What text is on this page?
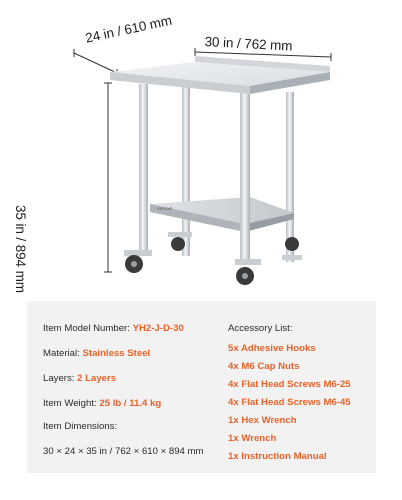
24 in / 610 mm 30 in / 762 mm
35 in / 894 mm	VEVOR
Item Model Number: YH2-J-D-30
Material: Stainless Steel
Layers: 2 Layers
Item Weight: 25 lb / 11.4 kg
Item Dimensions:
30 × 24 × 35 in / 762 × 610 × 894 mm
Accessory List:
5x Adhesive Hooks
4x M6 Cap Nuts
4x Flat Head Screws M6-25
4x Flat Head Screws M6-45
1x Hex Wrench
1x Wrench
1x Instruction Manual
